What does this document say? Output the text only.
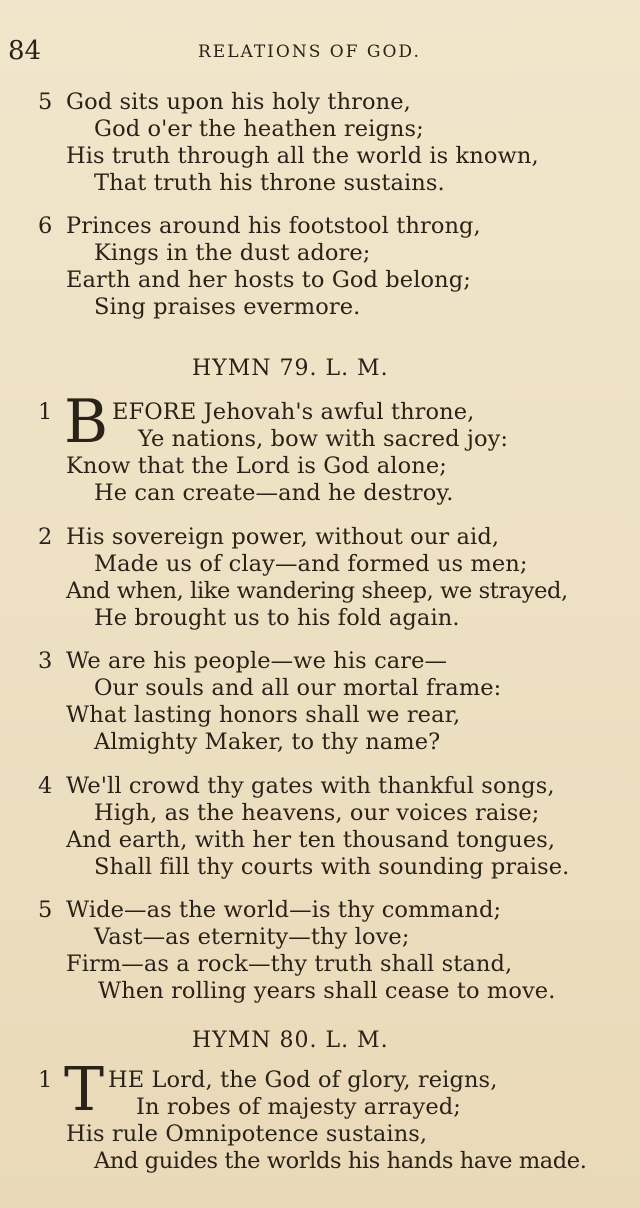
84	RELATIONS OF GOD.
5 God sits upon his holy throne,
God o'er the heathen reigns;
His truth through all the world is known,
That truth his throne sustains.
6 Princes around his footstool throng,
Kings in the dust adore;
Earth and her hosts to God belong;
Sing praises evermore.
HYMN 79. L. M.
1 B EFORE Jehovah's awful throne,
Ye nations, bow with sacred joy:
Know that the Lord is God alone;
He can create—and he destroy.
2 His sovereign power, without our aid,
Made us of clay—and formed us men;
And when, like wandering sheep, we strayed,
He brought us to his fold again.
3 We are his people—we his care—
Our souls and all our mortal frame:
What lasting honors shall we rear,
Almighty Maker, to thy name?
4 We'll crowd thy gates with thankful songs,
High, as the heavens, our voices raise;
And earth, with her ten thousand tongues,
Shall fill thy courts with sounding praise.
5 Wide—as the world—is thy command;
Vast—as eternity—thy love;
Firm—as a rock—thy truth shall stand,
When rolling years shall cease to move.
HYMN 80. L. M.
1 T HE Lord, the God of glory, reigns,
In robes of majesty arrayed;
His rule Omnipotence sustains,
And guides the worlds his hands have made.
